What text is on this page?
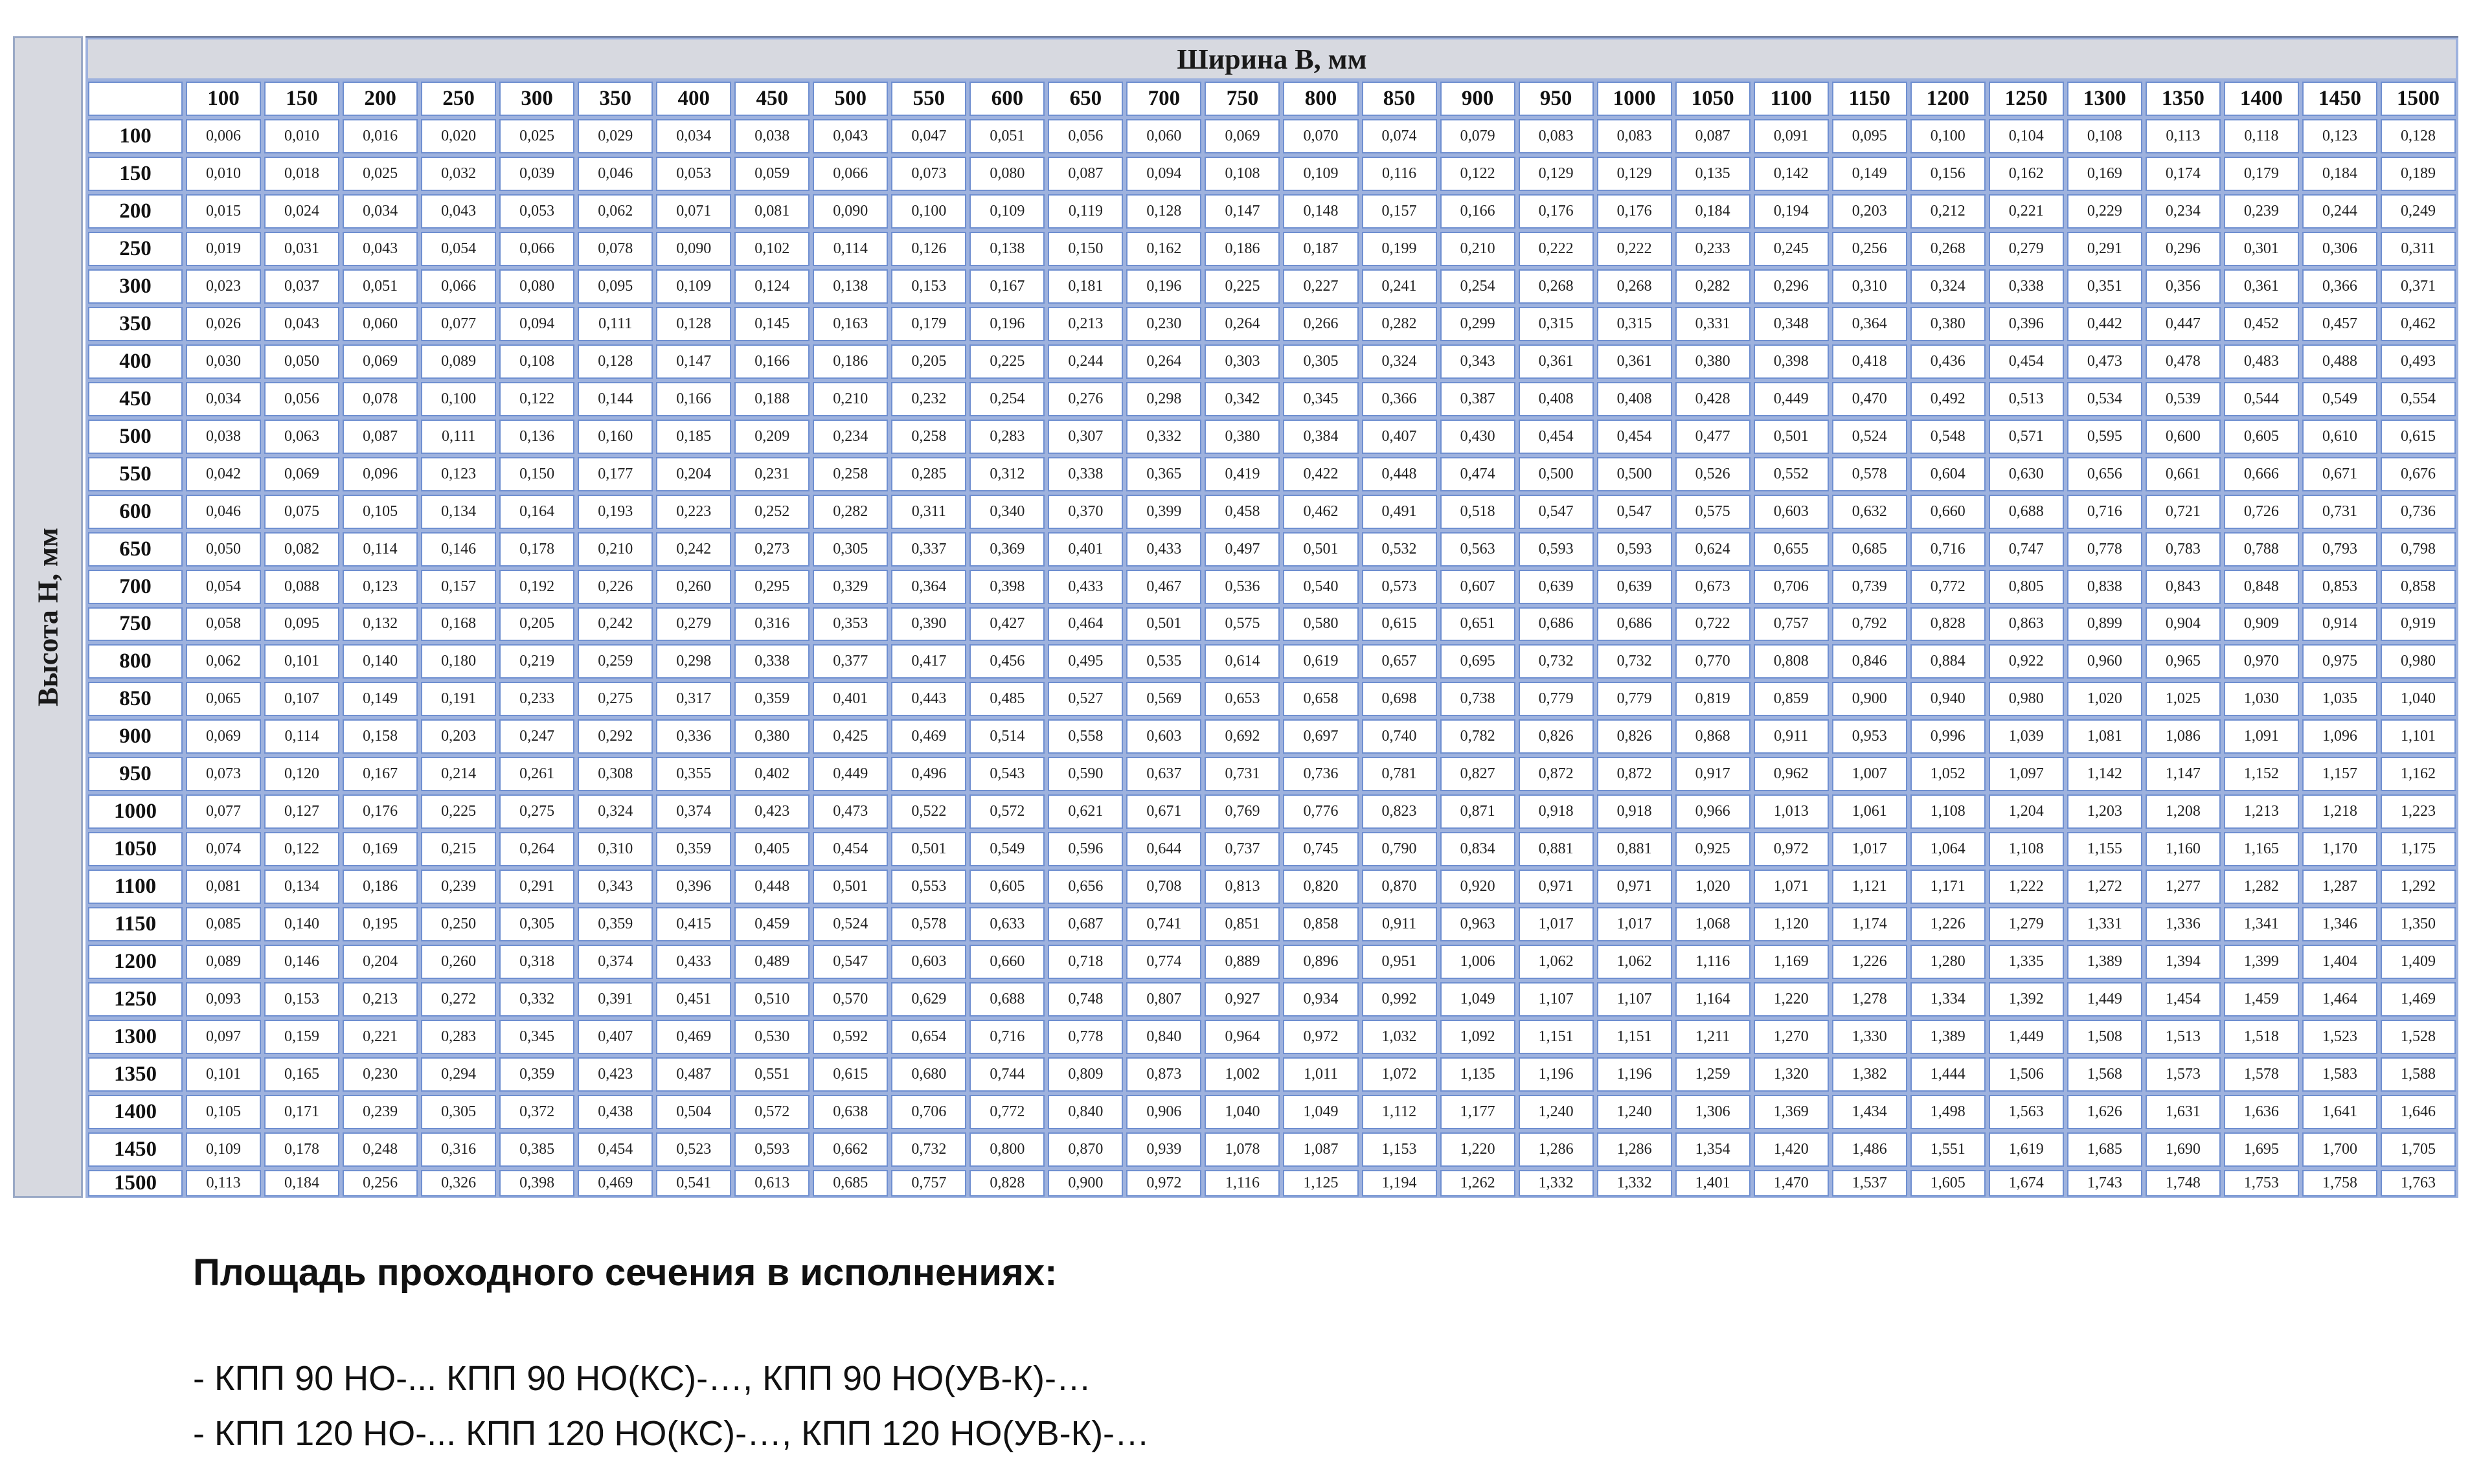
Высота Н, мм
Ширина В, мм
100	150	200	250	300	350	400	450	500	550	600	650	700	750	800	850	900	950	1000	1050	1100	1150	1200	1250	1300	1350	1400	1450	1500
100	0,006	0,010	0,016	0,020	0,025	0,029	0,034	0,038	0,043	0,047	0,051	0,056	0,060	0,069	0,070	0,074	0,079	0,083	0,083	0,087	0,091	0,095	0,100	0,104	0,108	0,113	0,118	0,123	0,128
150	0,010	0,018	0,025	0,032	0,039	0,046	0,053	0,059	0,066	0,073	0,080	0,087	0,094	0,108	0,109	0,116	0,122	0,129	0,129	0,135	0,142	0,149	0,156	0,162	0,169	0,174	0,179	0,184	0,189
200	0,015	0,024	0,034	0,043	0,053	0,062	0,071	0,081	0,090	0,100	0,109	0,119	0,128	0,147	0,148	0,157	0,166	0,176	0,176	0,184	0,194	0,203	0,212	0,221	0,229	0,234	0,239	0,244	0,249
250	0,019	0,031	0,043	0,054	0,066	0,078	0,090	0,102	0,114	0,126	0,138	0,150	0,162	0,186	0,187	0,199	0,210	0,222	0,222	0,233	0,245	0,256	0,268	0,279	0,291	0,296	0,301	0,306	0,311
300	0,023	0,037	0,051	0,066	0,080	0,095	0,109	0,124	0,138	0,153	0,167	0,181	0,196	0,225	0,227	0,241	0,254	0,268	0,268	0,282	0,296	0,310	0,324	0,338	0,351	0,356	0,361	0,366	0,371
350	0,026	0,043	0,060	0,077	0,094	0,111	0,128	0,145	0,163	0,179	0,196	0,213	0,230	0,264	0,266	0,282	0,299	0,315	0,315	0,331	0,348	0,364	0,380	0,396	0,442	0,447	0,452	0,457	0,462
400	0,030	0,050	0,069	0,089	0,108	0,128	0,147	0,166	0,186	0,205	0,225	0,244	0,264	0,303	0,305	0,324	0,343	0,361	0,361	0,380	0,398	0,418	0,436	0,454	0,473	0,478	0,483	0,488	0,493
450	0,034	0,056	0,078	0,100	0,122	0,144	0,166	0,188	0,210	0,232	0,254	0,276	0,298	0,342	0,345	0,366	0,387	0,408	0,408	0,428	0,449	0,470	0,492	0,513	0,534	0,539	0,544	0,549	0,554
500	0,038	0,063	0,087	0,111	0,136	0,160	0,185	0,209	0,234	0,258	0,283	0,307	0,332	0,380	0,384	0,407	0,430	0,454	0,454	0,477	0,501	0,524	0,548	0,571	0,595	0,600	0,605	0,610	0,615
550	0,042	0,069	0,096	0,123	0,150	0,177	0,204	0,231	0,258	0,285	0,312	0,338	0,365	0,419	0,422	0,448	0,474	0,500	0,500	0,526	0,552	0,578	0,604	0,630	0,656	0,661	0,666	0,671	0,676
600	0,046	0,075	0,105	0,134	0,164	0,193	0,223	0,252	0,282	0,311	0,340	0,370	0,399	0,458	0,462	0,491	0,518	0,547	0,547	0,575	0,603	0,632	0,660	0,688	0,716	0,721	0,726	0,731	0,736
650	0,050	0,082	0,114	0,146	0,178	0,210	0,242	0,273	0,305	0,337	0,369	0,401	0,433	0,497	0,501	0,532	0,563	0,593	0,593	0,624	0,655	0,685	0,716	0,747	0,778	0,783	0,788	0,793	0,798
700	0,054	0,088	0,123	0,157	0,192	0,226	0,260	0,295	0,329	0,364	0,398	0,433	0,467	0,536	0,540	0,573	0,607	0,639	0,639	0,673	0,706	0,739	0,772	0,805	0,838	0,843	0,848	0,853	0,858
750	0,058	0,095	0,132	0,168	0,205	0,242	0,279	0,316	0,353	0,390	0,427	0,464	0,501	0,575	0,580	0,615	0,651	0,686	0,686	0,722	0,757	0,792	0,828	0,863	0,899	0,904	0,909	0,914	0,919
800	0,062	0,101	0,140	0,180	0,219	0,259	0,298	0,338	0,377	0,417	0,456	0,495	0,535	0,614	0,619	0,657	0,695	0,732	0,732	0,770	0,808	0,846	0,884	0,922	0,960	0,965	0,970	0,975	0,980
850	0,065	0,107	0,149	0,191	0,233	0,275	0,317	0,359	0,401	0,443	0,485	0,527	0,569	0,653	0,658	0,698	0,738	0,779	0,779	0,819	0,859	0,900	0,940	0,980	1,020	1,025	1,030	1,035	1,040
900	0,069	0,114	0,158	0,203	0,247	0,292	0,336	0,380	0,425	0,469	0,514	0,558	0,603	0,692	0,697	0,740	0,782	0,826	0,826	0,868	0,911	0,953	0,996	1,039	1,081	1,086	1,091	1,096	1,101
950	0,073	0,120	0,167	0,214	0,261	0,308	0,355	0,402	0,449	0,496	0,543	0,590	0,637	0,731	0,736	0,781	0,827	0,872	0,872	0,917	0,962	1,007	1,052	1,097	1,142	1,147	1,152	1,157	1,162
1000	0,077	0,127	0,176	0,225	0,275	0,324	0,374	0,423	0,473	0,522	0,572	0,621	0,671	0,769	0,776	0,823	0,871	0,918	0,918	0,966	1,013	1,061	1,108	1,204	1,203	1,208	1,213	1,218	1,223
1050	0,074	0,122	0,169	0,215	0,264	0,310	0,359	0,405	0,454	0,501	0,549	0,596	0,644	0,737	0,745	0,790	0,834	0,881	0,881	0,925	0,972	1,017	1,064	1,108	1,155	1,160	1,165	1,170	1,175
1100	0,081	0,134	0,186	0,239	0,291	0,343	0,396	0,448	0,501	0,553	0,605	0,656	0,708	0,813	0,820	0,870	0,920	0,971	0,971	1,020	1,071	1,121	1,171	1,222	1,272	1,277	1,282	1,287	1,292
1150	0,085	0,140	0,195	0,250	0,305	0,359	0,415	0,459	0,524	0,578	0,633	0,687	0,741	0,851	0,858	0,911	0,963	1,017	1,017	1,068	1,120	1,174	1,226	1,279	1,331	1,336	1,341	1,346	1,350
1200	0,089	0,146	0,204	0,260	0,318	0,374	0,433	0,489	0,547	0,603	0,660	0,718	0,774	0,889	0,896	0,951	1,006	1,062	1,062	1,116	1,169	1,226	1,280	1,335	1,389	1,394	1,399	1,404	1,409
1250	0,093	0,153	0,213	0,272	0,332	0,391	0,451	0,510	0,570	0,629	0,688	0,748	0,807	0,927	0,934	0,992	1,049	1,107	1,107	1,164	1,220	1,278	1,334	1,392	1,449	1,454	1,459	1,464	1,469
1300	0,097	0,159	0,221	0,283	0,345	0,407	0,469	0,530	0,592	0,654	0,716	0,778	0,840	0,964	0,972	1,032	1,092	1,151	1,151	1,211	1,270	1,330	1,389	1,449	1,508	1,513	1,518	1,523	1,528
1350	0,101	0,165	0,230	0,294	0,359	0,423	0,487	0,551	0,615	0,680	0,744	0,809	0,873	1,002	1,011	1,072	1,135	1,196	1,196	1,259	1,320	1,382	1,444	1,506	1,568	1,573	1,578	1,583	1,588
1400	0,105	0,171	0,239	0,305	0,372	0,438	0,504	0,572	0,638	0,706	0,772	0,840	0,906	1,040	1,049	1,112	1,177	1,240	1,240	1,306	1,369	1,434	1,498	1,563	1,626	1,631	1,636	1,641	1,646
1450	0,109	0,178	0,248	0,316	0,385	0,454	0,523	0,593	0,662	0,732	0,800	0,870	0,939	1,078	1,087	1,153	1,220	1,286	1,286	1,354	1,420	1,486	1,551	1,619	1,685	1,690	1,695	1,700	1,705
1500	0,113	0,184	0,256	0,326	0,398	0,469	0,541	0,613	0,685	0,757	0,828	0,900	0,972	1,116	1,125	1,194	1,262	1,332	1,332	1,401	1,470	1,537	1,605	1,674	1,743	1,748	1,753	1,758	1,763
Площадь проходного сечения в исполнениях:

- КПП 90 НО-... КПП 90 НО(КС)-…, КПП 90 НО(УВ-К)-…

- КПП 120 НО-... КПП 120 НО(КС)-…, КПП 120 НО(УВ-К)-…
